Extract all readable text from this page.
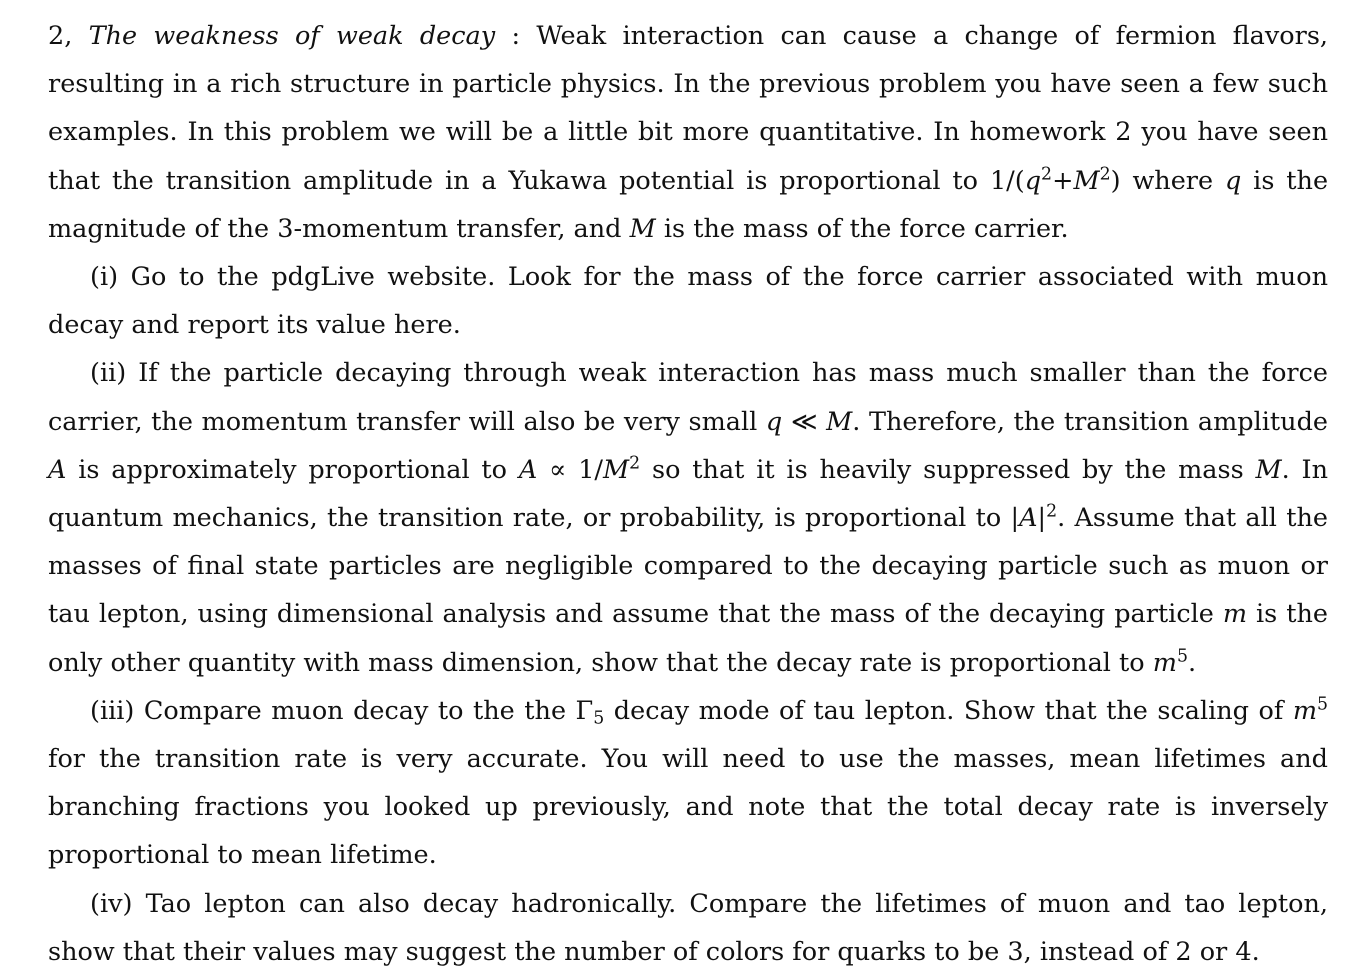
2, The weakness of weak decay : Weak interaction can cause a change of fermion flavors, resulting in a rich structure in particle physics. In the previous problem you have seen a few such examples. In this problem we will be a little bit more quantitative. In homework 2 you have seen that the transition amplitude in a Yukawa potential is proportional to $1/(q^2+M^2)$ where q is the magnitude of the 3-momentum transfer, and M is the mass of the force carrier.

(i) Go to the pdgLive website. Look for the mass of the force carrier associated with muon decay and report its value here.

(ii) If the particle decaying through weak interaction has mass much smaller than the force carrier, the momentum transfer will also be very small q ≪ M. Therefore, the transition amplitude A is approximately proportional to $A \propto 1/M^2$ so that it is heavily suppressed by the mass M. In quantum mechanics, the transition rate, or probability, is proportional to $|A|^2$. Assume that all the masses of final state particles are negligible compared to the decaying particle such as muon or tau lepton, using dimensional analysis and assume that the mass of the decaying particle m is the only other quantity with mass dimension, show that the decay rate is proportional to $m^5$.

(iii) Compare muon decay to the the $\Gamma_5$ decay mode of tau lepton. Show that the scaling of $m^5$ for the transition rate is very accurate. You will need to use the masses, mean lifetimes and branching fractions you looked up previously, and note that the total decay rate is inversely proportional to mean lifetime.

(iv) Tao lepton can also decay hadronically. Compare the lifetimes of muon and tao lepton, show that their values may suggest the number of colors for quarks to be 3, instead of 2 or 4.
